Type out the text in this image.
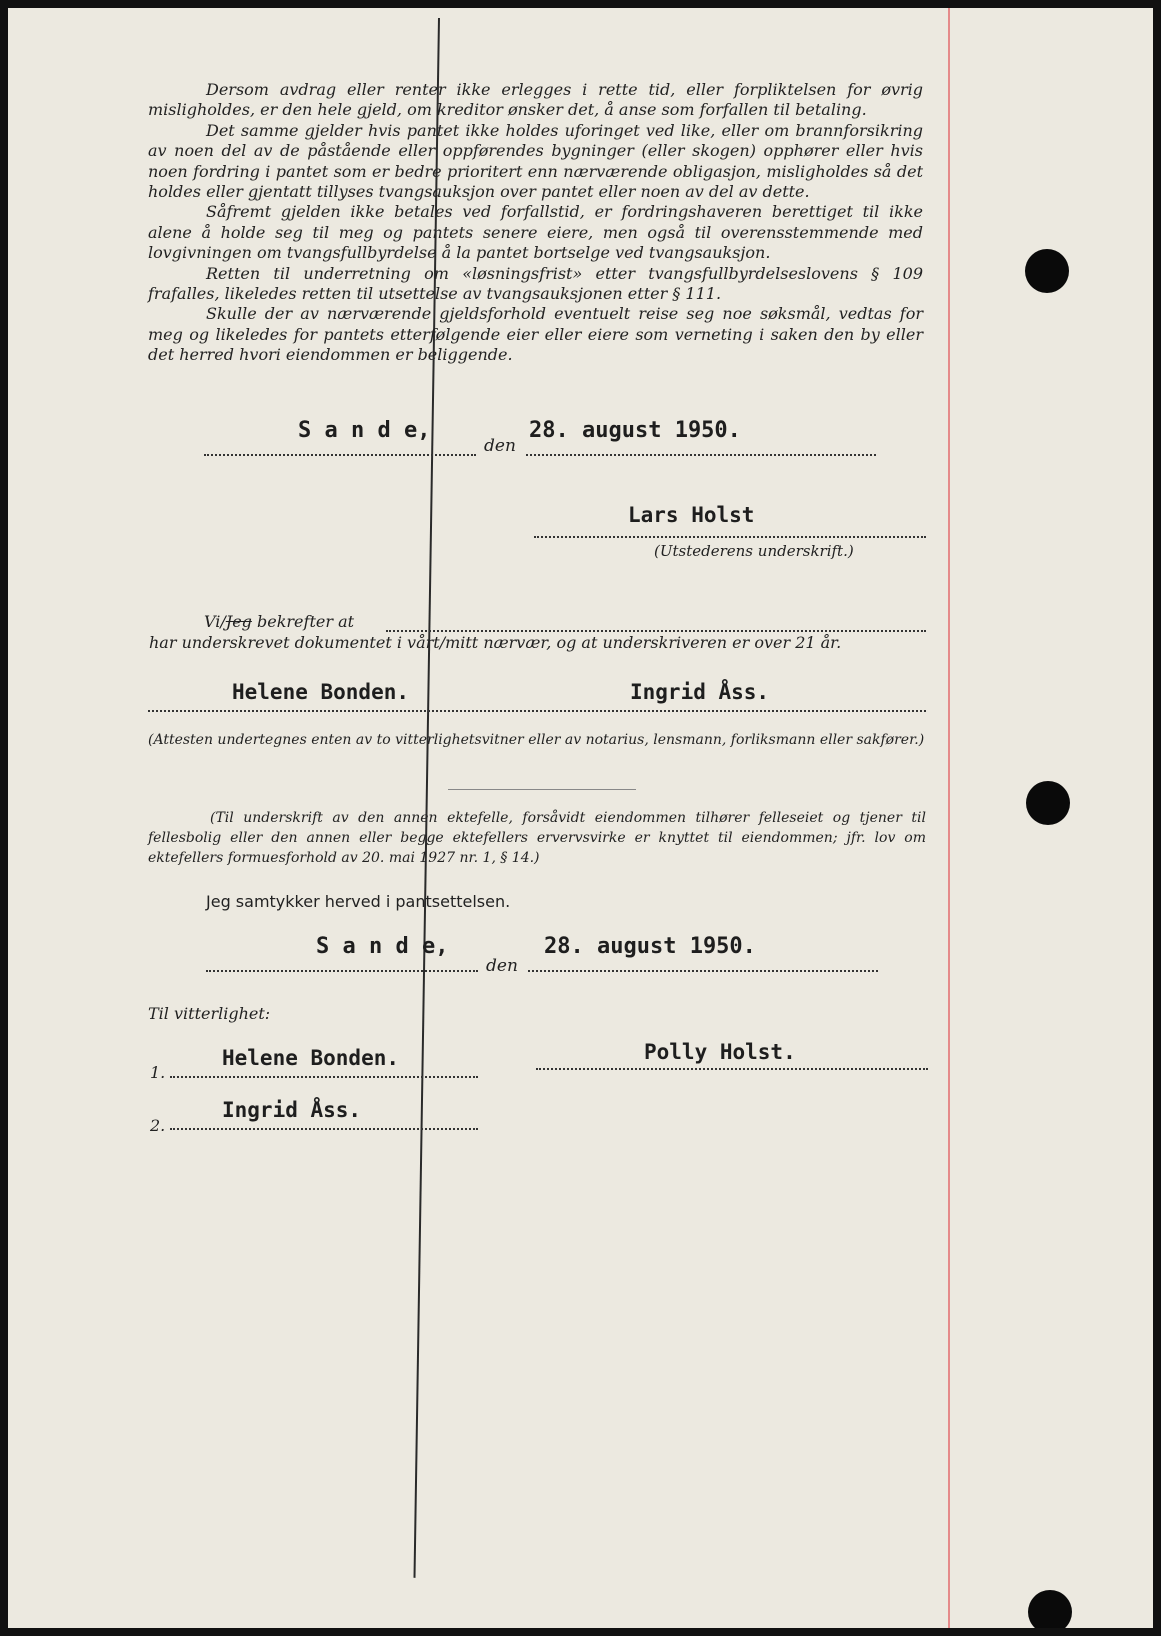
Dersom avdrag eller renter ikke erlegges i rette tid, eller forpliktelsen for øvrig misligholdes, er den hele gjeld, om kreditor ønsker det, å anse som forfallen til betaling.

Det samme gjelder hvis pantet ikke holdes uforinget ved like, eller om brannforsikring av noen del av de påstående eller oppførendes bygninger (eller skogen) opphører eller hvis noen fordring i pantet som er bedre prioritert enn nærværende obligasjon, misligholdes så det holdes eller gjentatt tillyses tvangsauksjon over pantet eller noen av del av dette.

Såfremt gjelden ikke betales ved forfallstid, er fordringshaveren berettiget til ikke alene å holde seg til meg og pantets senere eiere, men også til overensstemmende med lovgivningen om tvangsfullbyrdelse å la pantet bortselge ved tvangsauksjon.

Retten til underretning om «løsningsfrist» etter tvangsfullbyrdelseslovens § 109 frafalles, likeledes retten til utsettelse av tvangsauksjonen etter § 111.

Skulle der av nærværende gjeldsforhold eventuelt reise seg noe søksmål, vedtas for meg og likeledes for pantets etterfølgende eier eller eiere som verneting i saken den by eller det herred hvori eiendommen er beliggende.

S a n d e,
den
28. august 1950.
Lars Holst
(Utstederens underskrift.)
Vi/Jeg bekrefter at
har underskrevet dokumentet i vårt/mitt nærvær, og at underskriveren er over 21 år.
Helene Bonden.	Ingrid Åss.
(Attesten undertegnes enten av to vitterlighetsvitner eller av notarius, lensmann, forliksmann eller sakfører.)
(Til underskrift av den annen ektefelle, forsåvidt eiendommen tilhører felleseiet og tjener til fellesbolig eller den annen eller begge ektefellers ervervsvirke er knyttet til eiendommen; jfr. lov om ektefellers formuesforhold av 20. mai 1927 nr. 1, § 14.)
Jeg samtykker herved i pantsettelsen.
S a n d e,
den
28. august 1950.
Til vitterlighet:
1.
Helene Bonden.	Polly Holst.
2.
Ingrid Åss.
